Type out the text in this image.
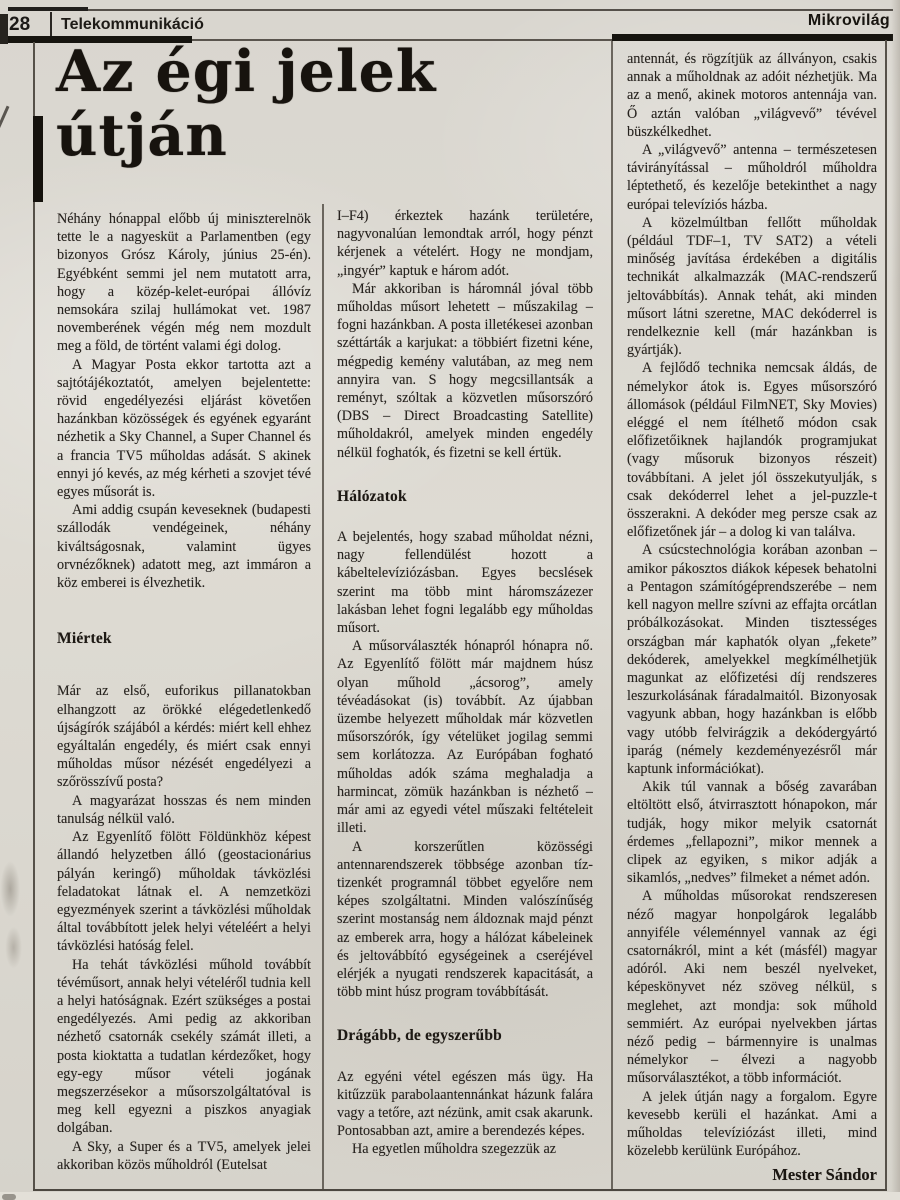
28 Telekommunikáció	Mikrovilág
Az égi jelek
útján

Néhány hónappal előbb új miniszterelnök tette le a nagyesküt a Parlamentben (egy bizonyos Grósz Károly, június 25-én). Egyébként semmi jel nem mutatott arra, hogy a közép-kelet-európai állóvíz nemsokára szilaj hullámokat vet. 1987 novemberének végén még nem mozdult meg a föld, de történt valami égi dolog.

A Magyar Posta ekkor tartotta azt a sajtótájékoztatót, amelyen bejelentette: rövid engedélyezési eljárást követően hazánkban közösségek és egyének egyaránt nézhetik a Sky Channel, a Super Channel és a francia TV5 műholdas adását. S akinek ennyi jó kevés, az még kérheti a szovjet tévé egyes műsorát is.

Ami addig csupán keveseknek (budapesti szállodák vendégeinek, néhány kiváltságosnak, valamint ügyes orvnézőknek) adatott meg, azt immáron a köz emberei is élvezhetik.

Miértek

Már az első, euforikus pillanatokban elhangzott az örökké elégedetlenkedő újságírók szájából a kérdés: miért kell ehhez egyáltalán engedély, és miért csak ennyi műholdas műsor nézését engedélyezi a szőrösszívű posta?

A magyarázat hosszas és nem minden tanulság nélkül való.

Az Egyenlítő fölött Földünkhöz képest állandó helyzetben álló (geostacionárius pályán keringő) műholdak távközlési feladatokat látnak el. A nemzetközi egyezmények szerint a távközlési műholdak által továbbított jelek helyi vételéért a helyi távközlési hatóság felel.

Ha tehát távközlési műhold továbbít tévéműsort, annak helyi vételéről tudnia kell a helyi hatóságnak. Ezért szükséges a postai engedélyezés. Ami pedig az akkoriban nézhető csatornák csekély számát illeti, a posta kioktatta a tudatlan kérdezőket, hogy egy-egy műsor vételi jogának megszerzésekor a műsorszolgáltatóval is meg kell egyezni a piszkos anyagiak dolgában.

A Sky, a Super és a TV5, amelyek jelei akkoriban közös műholdról (Eutelsat

I–F4) érkeztek hazánk területére, nagyvonalúan lemondtak arról, hogy pénzt kérjenek a vételért. Hogy ne mondjam, „ingyér” kaptuk e három adót.

Már akkoriban is háromnál jóval több műholdas műsort lehetett – műszakilag – fogni hazánkban. A posta illetékesei azonban széttárták a karjukat: a többiért fizetni kéne, mégpedig kemény valutában, az meg nem annyira van. S hogy megcsillantsák a reményt, szóltak a közvetlen műsorszóró (DBS – Direct Broadcasting Satellite) műholdakról, amelyek minden engedély nélkül foghatók, és fizetni se kell értük.

Hálózatok

A bejelentés, hogy szabad műholdat nézni, nagy fellendülést hozott a kábeltelevíziózásban. Egyes becslések szerint ma több mint háromszázezer lakásban lehet fogni legalább egy műholdas műsort.

A műsorválaszték hónapról hónapra nő. Az Egyenlítő fölött már majdnem húsz olyan műhold „ácsorog”, amely tévéadásokat (is) továbbít. Az újabban üzembe helyezett műholdak már közvetlen műsorszórók, így vételüket jogilag semmi sem korlátozza. Az Európában fogható műholdas adók száma meghaladja a harmincat, zömük hazánkban is nézhető – már ami az egyedi vétel műszaki feltételeit illeti.

A korszerűtlen közösségi antennarendszerek többsége azonban tíz-tizenkét programnál többet egyelőre nem képes szolgáltatni. Minden valószínűség szerint mostanság nem áldoznak majd pénzt az emberek arra, hogy a hálózat kábeleinek és jeltovábbító egységeinek a cseréjével elérjék a nyugati rendszerek kapacitását, a több mint húsz program továbbítását.

Drágább, de egyszerűbb

Az egyéni vétel egészen más ügy. Ha kitűzzük parabolaantennánkat házunk falára vagy a tetőre, azt nézünk, amit csak akarunk. Pontosabban azt, amire a berendezés képes.

Ha egyetlen műholdra szegezzük az

antennát, és rögzítjük az állványon, csakis annak a műholdnak az adóit nézhetjük. Ma az a menő, akinek motoros antennája van. Ő aztán valóban „világvevő” tévével büszkélkedhet.

A „világvevő” antenna – természetesen távirányítással – műholdról műholdra léptethető, és kezelője betekinthet a nagy európai televíziós házba.

A közelmúltban fellőtt műholdak (például TDF–1, TV SAT2) a vételi minőség javítása érdekében a digitális technikát alkalmazzák (MAC-rendszerű jeltovábbítás). Annak tehát, aki minden műsort látni szeretne, MAC dekóderrel is rendelkeznie kell (már hazánkban is gyártják).

A fejlődő technika nemcsak áldás, de némelykor átok is. Egyes műsorszóró állomások (például FilmNET, Sky Movies) eléggé el nem ítélhető módon csak előfizetőiknek hajlandók programjukat (vagy műsoruk bizonyos részeit) továbbítani. A jelet jól összekutyulják, s csak dekóderrel lehet a jel-puzzle-t összerakni. A dekóder meg persze csak az előfizetőnek jár – a dolog ki van találva.

A csúcstechnológia korában azonban – amikor pákosztos diákok képesek behatolni a Pentagon számítógéprendszerébe – nem kell nagyon mellre szívni az effajta orcátlan próbálkozásokat. Minden tisztességes országban már kaphatók olyan „fekete” dekóderek, amelyekkel megkímélhetjük magunkat az előfizetési díj rendszeres leszurkolásának fáradalmaitól. Bizonyosak vagyunk abban, hogy hazánkban is előbb vagy utóbb felvirágzik a dekódergyártó iparág (némely kezdeményezésről már kaptunk információkat).

Akik túl vannak a bőség zavarában eltöltött első, átvirrasztott hónapokon, már tudják, hogy mikor melyik csatornát érdemes „fellapozni”, mikor mennek a clipek az egyiken, s mikor adják a sikamlós, „nedves” filmeket a német adón.

A műholdas műsorokat rendszeresen néző magyar honpolgárok legalább annyiféle véleménnyel vannak az égi csatornákról, mint a két (másfél) magyar adóról. Aki nem beszél nyelveket, képeskönyvet néz szöveg nélkül, s meglehet, azt mondja: sok műhold semmiért. Az európai nyelvekben jártas néző pedig – bármennyire is unalmas némelykor – élvezi a nagyobb műsorválasztékot, a több információt.

A jelek útján nagy a forgalom. Egyre kevesebb kerüli el hazánkat. Ami a műholdas televíziózást illeti, mind közelebb kerülünk Európához.

Mester Sándor
